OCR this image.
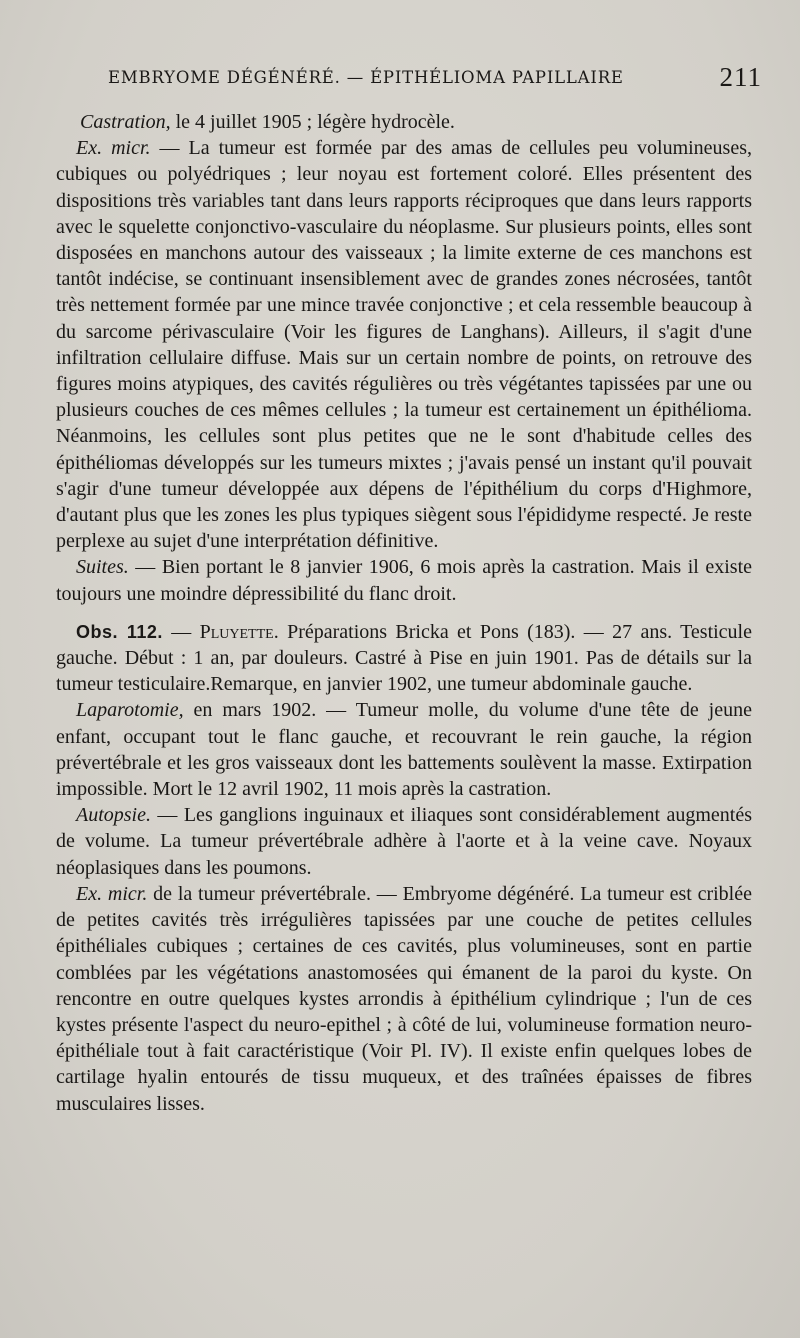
EMBRYOME DÉGÉNÉRÉ. — ÉPITHÉLIOMA PAPILLAIRE	211

Castration, le 4 juillet 1905 ; légère hydrocèle.

Ex. micr. — La tumeur est formée par des amas de cellules peu volumineuses, cubiques ou polyédriques ; leur noyau est fortement coloré. Elles présentent des dispositions très variables tant dans leurs rapports réciproques que dans leurs rapports avec le squelette conjonctivo-vasculaire du néoplasme. Sur plusieurs points, elles sont disposées en manchons autour des vaisseaux ; la limite externe de ces manchons est tantôt indécise, se continuant insensiblement avec de grandes zones nécrosées, tantôt très nettement formée par une mince travée conjonctive ; et cela ressemble beaucoup à du sarcome périvasculaire (Voir les figures de Langhans). Ailleurs, il s'agit d'une infiltration cellulaire diffuse. Mais sur un certain nombre de points, on retrouve des figures moins atypiques, des cavités régulières ou très végétantes tapissées par une ou plusieurs couches de ces mêmes cellules ; la tumeur est certainement un épithélioma. Néanmoins, les cellules sont plus petites que ne le sont d'habitude celles des épithéliomas développés sur les tumeurs mixtes ; j'avais pensé un instant qu'il pouvait s'agir d'une tumeur développée aux dépens de l'épithélium du corps d'Highmore, d'autant plus que les zones les plus typiques siègent sous l'épididyme respecté. Je reste perplexe au sujet d'une interprétation définitive.

Suites. — Bien portant le 8 janvier 1906, 6 mois après la castration. Mais il existe toujours une moindre dépressibilité du flanc droit.

Obs. 112. — Pluyette. Préparations Bricka et Pons (183). — 27 ans. Testicule gauche. Début : 1 an, par douleurs. Castré à Pise en juin 1901. Pas de détails sur la tumeur testiculaire.Remarque, en janvier 1902, une tumeur abdominale gauche.

Laparotomie, en mars 1902. — Tumeur molle, du volume d'une tête de jeune enfant, occupant tout le flanc gauche, et recouvrant le rein gauche, la région prévertébrale et les gros vaisseaux dont les battements soulèvent la masse. Extirpation impossible. Mort le 12 avril 1902, 11 mois après la castration.

Autopsie. — Les ganglions inguinaux et iliaques sont considérablement augmentés de volume. La tumeur prévertébrale adhère à l'aorte et à la veine cave. Noyaux néoplasiques dans les poumons.

Ex. micr. de la tumeur prévertébrale. — Embryome dégénéré. La tumeur est criblée de petites cavités très irrégulières tapissées par une couche de petites cellules épithéliales cubiques ; certaines de ces cavités, plus volumineuses, sont en partie comblées par les végétations anastomosées qui émanent de la paroi du kyste. On rencontre en outre quelques kystes arrondis à épithélium cylindrique ; l'un de ces kystes présente l'aspect du neuro-epithel ; à côté de lui, volumineuse formation neuro-épithéliale tout à fait caractéristique (Voir Pl. IV). Il existe enfin quelques lobes de cartilage hyalin entourés de tissu muqueux, et des traînées épaisses de fibres musculaires lisses.
